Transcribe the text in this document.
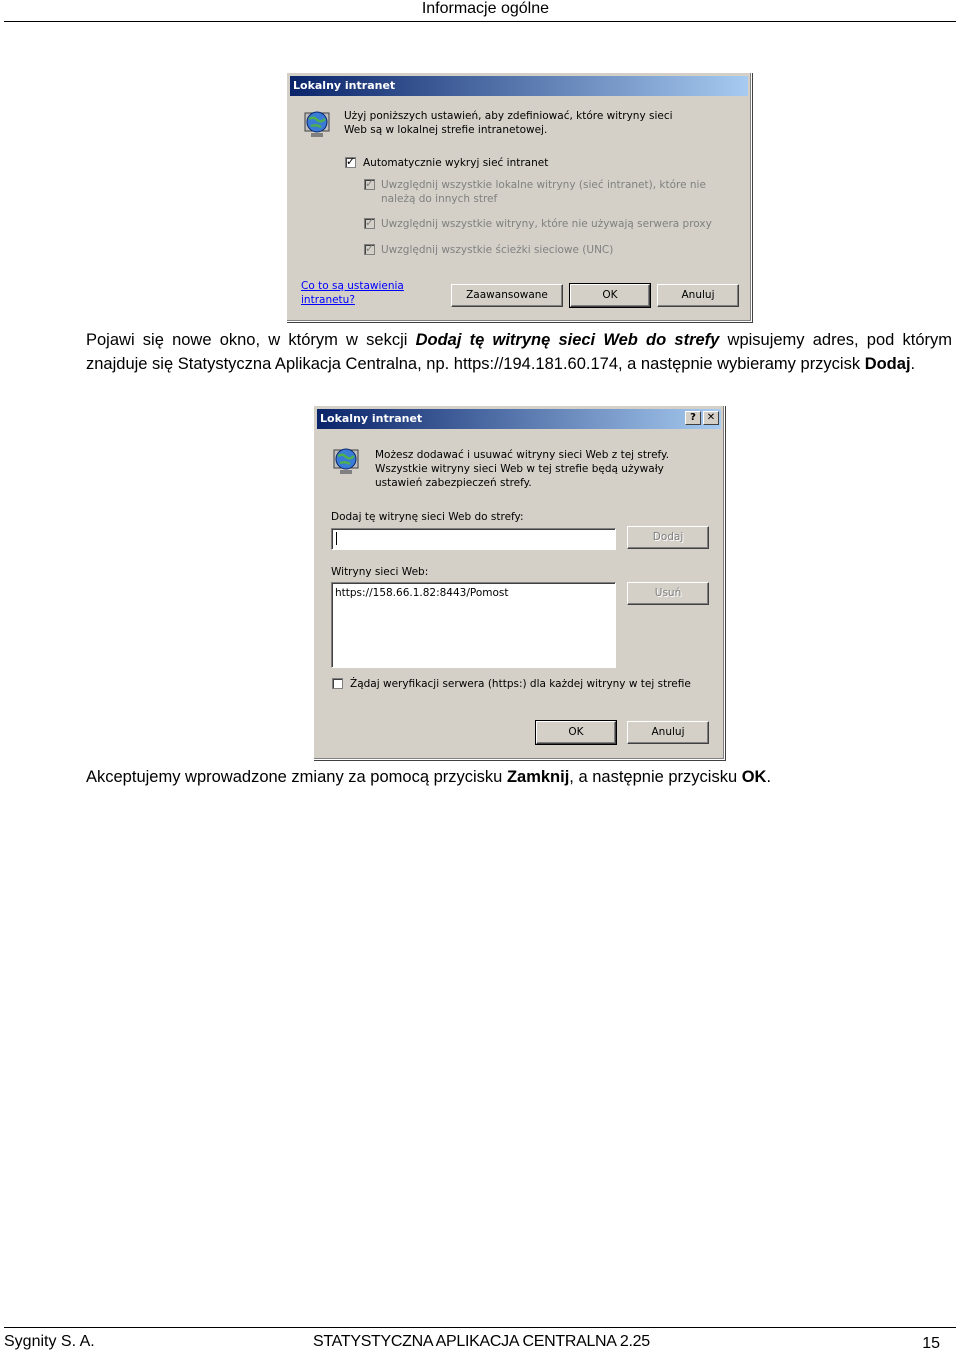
Informacje ogólne
Lokalny intranet
Użyj poniższych ustawień, aby zdefiniować, które witryny sieci Web są w lokalnej strefie intranetowej.
✓
Automatycznie wykryj sieć intranet
✓
Uwzględnij wszystkie lokalne witryny (sieć intranet), które nie należą do innych stref
✓
Uwzględnij wszystkie witryny, które nie używają serwera proxy
✓
Uwzględnij wszystkie ścieżki sieciowe (UNC)
Co to są ustawienia intranetu?	Zaawansowane	OK	Anuluj

Pojawi się nowe okno, w którym w sekcji Dodaj tę witrynę sieci Web do strefy wpisujemy adres, pod którym znajduje się Statystyczna Aplikacja Centralna, np. https://194.181.60.174, a następnie wybieramy przycisk Dodaj.

Lokalny intranet	?	✕
Możesz dodawać i usuwać witryny sieci Web z tej strefy. Wszystkie witryny sieci Web w tej strefie będą używały ustawień zabezpieczeń strefy.
Dodaj tę witrynę sieci Web do strefy:
Dodaj
Witryny sieci Web:
https://158.66.1.82:8443/Pomost	Usuń
Żądaj weryfikacji serwera (https:) dla każdej witryny w tej strefie
OK	Anuluj

Akceptujemy wprowadzone zmiany za pomocą przycisku Zamknij, a następnie przycisku OK.

Sygnity S. A.	STATYSTYCZNA APLIKACJA CENTRALNA 2.25	15
